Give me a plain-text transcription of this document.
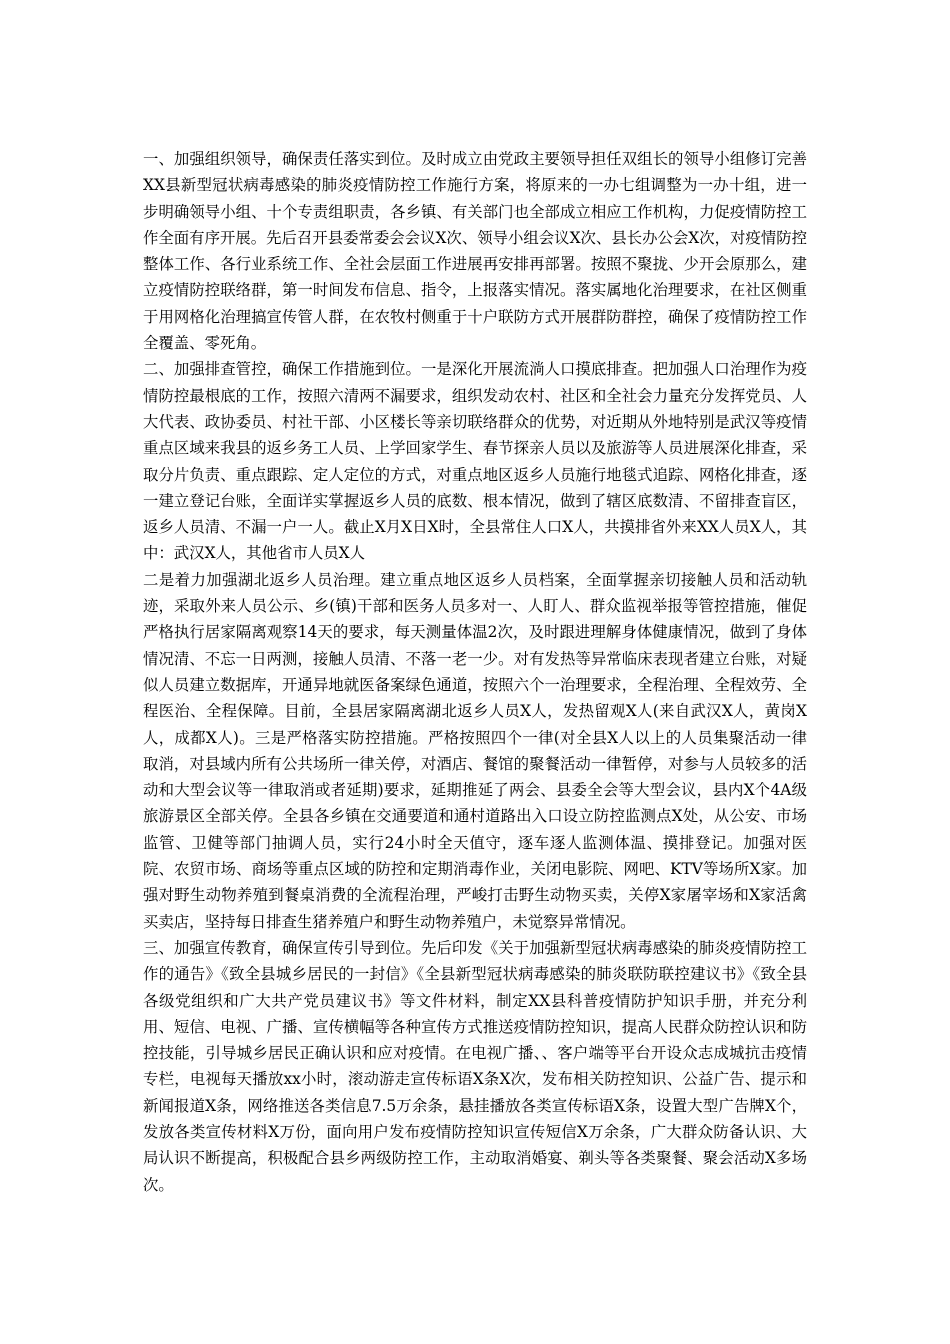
一、加强组织领导，确保责任落实到位。及时成立由党政主要领导担任双组长的领导小组修订完善XX县新型冠状病毒感染的肺炎疫情防控工作施行方案，将原来的一办七组调整为一办十组，进一步明确领导小组、十个专责组职责，各乡镇、有关部门也全部成立相应工作机构，力促疫情防控工作全面有序开展。先后召开县委常委会会议X次、领导小组会议X次、县长办公会X次，对疫情防控整体工作、各行业系统工作、全社会层面工作进展再安排再部署。按照不聚拢、少开会原那么，建立疫情防控联络群，第一时间发布信息、指令，上报落实情况。落实属地化治理要求，在社区侧重于用网格化治理搞宣传管人群，在农牧村侧重于十户联防方式开展群防群控，确保了疫情防控工作全覆盖、零死角。

二、加强排查管控，确保工作措施到位。一是深化开展流淌人口摸底排查。把加强人口治理作为疫情防控最根底的工作，按照六清两不漏要求，组织发动农村、社区和全社会力量充分发挥党员、人大代表、政协委员、村社干部、小区楼长等亲切联络群众的优势，对近期从外地特别是武汉等疫情重点区域来我县的返乡务工人员、上学回家学生、春节探亲人员以及旅游等人员进展深化排查，采取分片负责、重点跟踪、定人定位的方式，对重点地区返乡人员施行地毯式追踪、网格化排查，逐一建立登记台账，全面详实掌握返乡人员的底数、根本情况，做到了辖区底数清、不留排查盲区，返乡人员清、不漏一户一人。截止X月X日X时，全县常住人口X人，共摸排省外来XX人员X人，其中：武汉X人，其他省市人员X人

二是着力加强湖北返乡人员治理。建立重点地区返乡人员档案，全面掌握亲切接触人员和活动轨迹，采取外来人员公示、乡(镇)干部和医务人员多对一、人盯人、群众监视举报等管控措施，催促严格执行居家隔离观察14天的要求，每天测量体温2次，及时跟进理解身体健康情况，做到了身体情况清、不忘一日两测，接触人员清、不落一老一少。对有发热等异常临床表现者建立台账，对疑似人员建立数据库，开通异地就医备案绿色通道，按照六个一治理要求，全程治理、全程效劳、全程医治、全程保障。目前，全县居家隔离湖北返乡人员X人，发热留观X人(来自武汉X人，黄岗X人，成都X人)。三是严格落实防控措施。严格按照四个一律(对全县X人以上的人员集聚活动一律取消，对县域内所有公共场所一律关停，对酒店、餐馆的聚餐活动一律暂停，对参与人员较多的活动和大型会议等一律取消或者延期)要求，延期推延了两会、县委全会等大型会议，县内X个4A级旅游景区全部关停。全县各乡镇在交通要道和通村道路出入口设立防控监测点X处，从公安、市场监管、卫健等部门抽调人员，实行24小时全天值守，逐车逐人监测体温、摸排登记。加强对医院、农贸市场、商场等重点区域的防控和定期消毒作业，关闭电影院、网吧、KTV等场所X家。加强对野生动物养殖到餐桌消费的全流程治理，严峻打击野生动物买卖，关停X家屠宰场和X家活禽买卖店，坚持每日排查生猪养殖户和野生动物养殖户，未觉察异常情况。

三、加强宣传教育，确保宣传引导到位。先后印发《关于加强新型冠状病毒感染的肺炎疫情防控工作的通告》《致全县城乡居民的一封信》《全县新型冠状病毒感染的肺炎联防联控建议书》《致全县各级党组织和广大共产党员建议书》等文件材料，制定XX县科普疫情防护知识手册，并充分利用、短信、电视、广播、宣传横幅等各种宣传方式推送疫情防控知识，提高人民群众防控认识和防控技能，引导城乡居民正确认识和应对疫情。在电视广播、、客户端等平台开设众志成城抗击疫情专栏，电视每天播放xx小时，滚动游走宣传标语X条X次，发布相关防控知识、公益广告、提示和新闻报道X条，网络推送各类信息7.5万余条，悬挂播放各类宣传标语X条，设置大型广告牌X个，发放各类宣传材料X万份，面向用户发布疫情防控知识宣传短信X万余条，广大群众防备认识、大局认识不断提高，积极配合县乡两级防控工作，主动取消婚宴、剃头等各类聚餐、聚会活动X多场次。
